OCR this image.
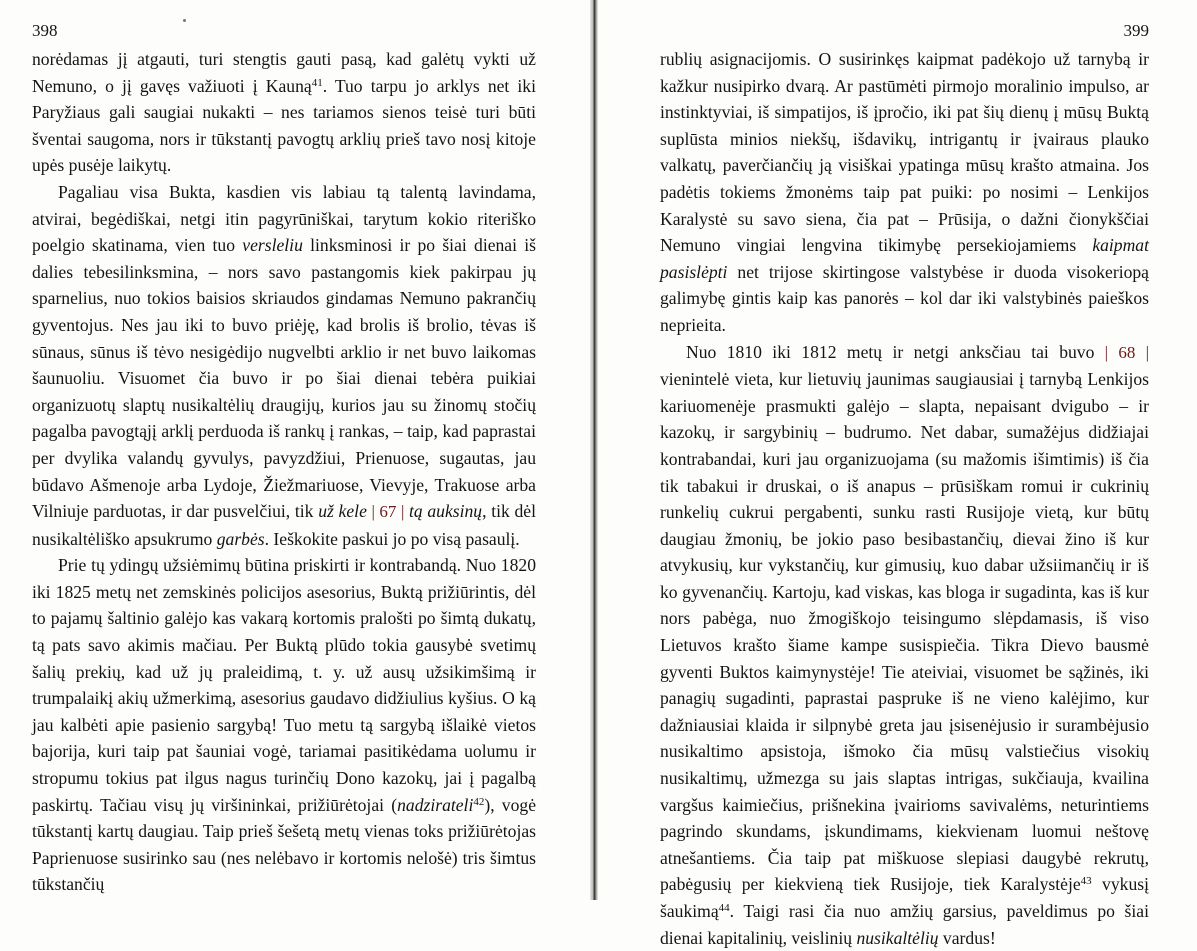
398

norėdamas jį atgauti, turi stengtis gauti pasą, kad galėtų vykti už Nemuno, o jį gavęs važiuoti į Kauną$^{41}$. Tuo tarpu jo arklys net iki Paryžiaus gali saugiai nukakti – nes tariamos sienos teisė turi būti šventai saugoma, nors ir tūkstantį pavogtų arklių prieš tavo nosį kitoje upės pusėje laikytų.

Pagaliau visa Bukta, kasdien vis labiau tą talentą lavindama, atvirai, begėdiškai, netgi itin pagyrūniškai, tarytum kokio riteriško poelgio skatinama, vien tuo versleliu linksminosi ir po šiai dienai iš dalies tebesilinksmina, – nors savo pastangomis kiek pakirpau jų sparnelius, nuo tokios baisios skriaudos gindamas Nemuno pakrančių gyventojus. Nes jau iki to buvo priėję, kad brolis iš brolio, tėvas iš sūnaus, sūnus iš tėvo nesigėdijo nugvelbti arklio ir net buvo laikomas šaunuoliu. Visuomet čia buvo ir po šiai dienai tebėra puikiai organizuotų slaptų nusikaltėlių draugijų, kurios jau su žinomų stočių pagalba pavogtąjį arklį perduoda iš rankų į rankas, – taip, kad paprastai per dvylika valandų gyvulys, pavyzdžiui, Prienuose, sugautas, jau būdavo Ašmenoje arba Lydoje, Žiežmariuose, Vievyje, Trakuose arba Vilniuje parduotas, ir dar pusvelčiui, tik už kele | 67 | tą auksinų, tik dėl nusikaltėliško apsukrumo garbės. Ieškokite paskui jo po visą pasaulį.

Prie tų ydingų užsiėmimų būtina priskirti ir kontrabandą. Nuo 1820 iki 1825 metų net zemskinės policijos asesorius, Buktą prižiūrintis, dėl to pajamų šaltinio galėjo kas vakarą kortomis pralošti po šimtą dukatų, tą pats savo akimis mačiau. Per Buktą plūdo tokia gausybė svetimų šalių prekių, kad už jų praleidimą, t. y. už ausų užsikimšimą ir trumpalaikį akių užmerkimą, asesorius gaudavo didžiulius kyšius. O ką jau kalbėti apie pasienio sargybą! Tuo metu tą sargybą išlaikė vietos bajorija, kuri taip pat šauniai vogė, tariamai pasitikėdama uolumu ir stropumu tokius pat ilgus nagus turinčių Dono kazokų, jai į pagalbą paskirtų. Tačiau visų jų viršininkai, prižiūrėtojai (nadzirateli$^{42}$), vogė tūkstantį kartų daugiau. Taip prieš šešetą metų vienas toks prižiūrėtojas Paprienuose susirinko sau (nes nelėbavo ir kortomis nelošė) tris šimtus tūkstančių

399

rublių asignacijomis. O susirinkęs kaipmat padėkojo už tarnybą ir kažkur nusipirko dvarą. Ar pastūmėti pirmojo moralinio impulso, ar instinktyviai, iš simpatijos, iš įpročio, iki pat šių dienų į mūsų Buktą suplūsta minios niekšų, išdavikų, intrigantų ir įvairaus plauko valkatų, paverčiančių ją visiškai ypatinga mūsų krašto atmaina. Jos padėtis tokiems žmonėms taip pat puiki: po nosimi – Lenkijos Karalystė su savo siena, čia pat – Prūsija, o dažni čionykščiai Nemuno vingiai lengvina tikimybę persekiojamiems kaipmat pasislėpti net trijose skirtingose valstybėse ir duoda visokeriopą galimybę gintis kaip kas panorės – kol dar iki valstybinės paieškos neprieita.

Nuo 1810 iki 1812 metų ir netgi anksčiau tai buvo | 68 | vienintelė vieta, kur lietuvių jaunimas saugiausiai į tarnybą Lenkijos kariuomenėje prasmukti galėjo – slapta, nepaisant dvigubo – ir kazokų, ir sargybinių – budrumo. Net dabar, sumažėjus didžiajai kontrabandai, kuri jau organizuojama (su mažomis išimtimis) iš čia tik tabakui ir druskai, o iš anapus – prūsiškam romui ir cukrinių runkelių cukrui pergabenti, sunku rasti Rusijoje vietą, kur būtų daugiau žmonių, be jokio paso besibastančių, dievai žino iš kur atvykusių, kur vykstančių, kur gimusių, kuo dabar užsiimančių ir iš ko gyvenančių. Kartoju, kad viskas, kas bloga ir sugadinta, kas iš kur nors pabėga, nuo žmogiškojo teisingumo slėpdamasis, iš viso Lietuvos krašto šiame kampe susispiečia. Tikra Dievo bausmė gyventi Buktos kaimynystėje! Tie ateiviai, visuomet be sąžinės, iki panagių sugadinti, paprastai paspruke iš ne vieno kalėjimo, kur dažniausiai klaida ir silpnybė greta jau įsisenėjusio ir surambėjusio nusikaltimo apsistoja, išmoko čia mūsų valstiečius visokių nusikaltimų, užmezga su jais slaptas intrigas, sukčiauja, kvailina vargšus kaimiečius, prišnekina įvairioms savivalėms, neturintiems pagrindo skundams, įskundimams, kiekvienam luomui neštovę atnešantiems. Čia taip pat miškuose slepiasi daugybė rekrutų, pabėgusių per kiekvieną tiek Rusijoje, tiek Karalystėje$^{43}$ vykusį šaukimą$^{44}$. Taigi rasi čia nuo amžių garsius, paveldimus po šiai dienai kapitalinių, veislinių nusikaltėlių vardus!
